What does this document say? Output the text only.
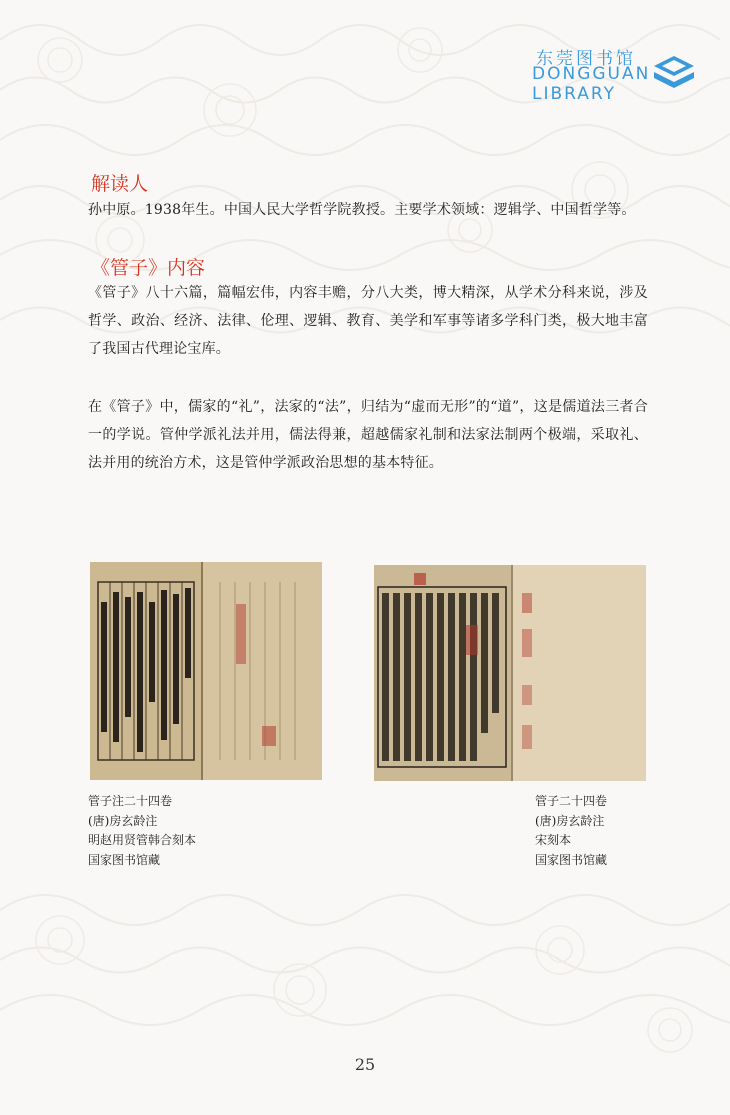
东莞图书馆
DONGGUAN
LIBRARY
解读人

孙中原。1938年生。中国人民大学哲学院教授。主要学术领域：逻辑学、中国哲学等。

《管子》内容

《管子》八十六篇，篇幅宏伟，内容丰赡，分八大类，博大精深，从学术分科来说，涉及哲学、政治、经济、法律、伦理、逻辑、教育、美学和军事等诸多学科门类，极大地丰富了我国古代理论宝库。

在《管子》中，儒家的“礼”，法家的“法”，归结为“虚而无形”的“道”，这是儒道法三者合一的学说。管仲学派礼法并用，儒法得兼，超越儒家礼制和法家法制两个极端，采取礼、法并用的统治方术，这是管仲学派政治思想的基本特征。

管子注二十四卷
(唐)房玄龄注
明赵用贤管韩合刻本
国家图书馆藏
管子二十四卷
(唐)房玄龄注
宋刻本
国家图书馆藏
25
